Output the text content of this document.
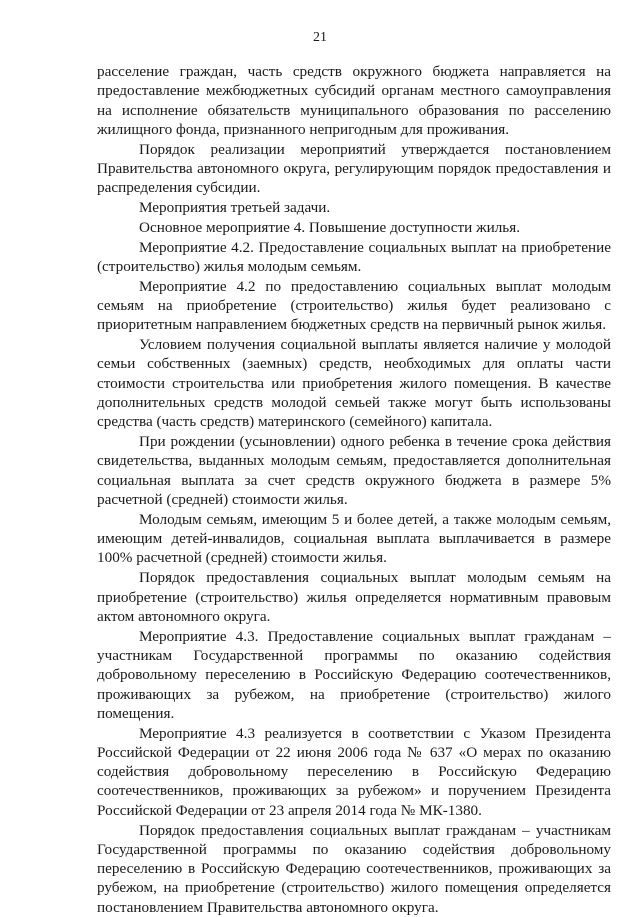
21

расселение граждан, часть средств окружного бюджета направляется на предоставление межбюджетных субсидий органам местного самоуправления на исполнение обязательств муниципального образования по расселению жилищного фонда, признанного непригодным для проживания.

Порядок реализации мероприятий утверждается постановлением Правительства автономного округа, регулирующим порядок предоставления и распределения субсидии.

Мероприятия третьей задачи.

Основное мероприятие 4. Повышение доступности жилья.

Мероприятие 4.2. Предоставление социальных выплат на приобретение (строительство) жилья молодым семьям.

Мероприятие 4.2 по предоставлению социальных выплат молодым семьям на приобретение (строительство) жилья будет реализовано с приоритетным направлением бюджетных средств на первичный рынок жилья.

Условием получения социальной выплаты является наличие у молодой семьи собственных (заемных) средств, необходимых для оплаты части стоимости строительства или приобретения жилого помещения. В качестве дополнительных средств молодой семьей также могут быть использованы средства (часть средств) материнского (семейного) капитала.

При рождении (усыновлении) одного ребенка в течение срока действия свидетельства, выданных молодым семьям, предоставляется дополнительная социальная выплата за счет средств окружного бюджета в размере 5% расчетной (средней) стоимости жилья.

Молодым семьям, имеющим 5 и более детей, а также молодым семьям, имеющим детей-инвалидов, социальная выплата выплачивается в размере 100% расчетной (средней) стоимости жилья.

Порядок предоставления социальных выплат молодым семьям на приобретение (строительство) жилья определяется нормативным правовым актом автономного округа.

Мероприятие 4.3. Предоставление социальных выплат гражданам – участникам Государственной программы по оказанию содействия добровольному переселению в Российскую Федерацию соотечественников, проживающих за рубежом, на приобретение (строительство) жилого помещения.

Мероприятие 4.3 реализуется в соответствии с Указом Президента Российской Федерации от 22 июня 2006 года № 637 «О мерах по оказанию содействия добровольному переселению в Российскую Федерацию соотечественников, проживающих за рубежом» и поручением Президента Российской Федерации от 23 апреля 2014 года № МК-1380.

Порядок предоставления социальных выплат гражданам – участникам Государственной программы по оказанию содействия добровольному переселению в Российскую Федерацию соотечественников, проживающих за рубежом, на приобретение (строительство) жилого помещения определяется постановлением Правительства автономного округа.
